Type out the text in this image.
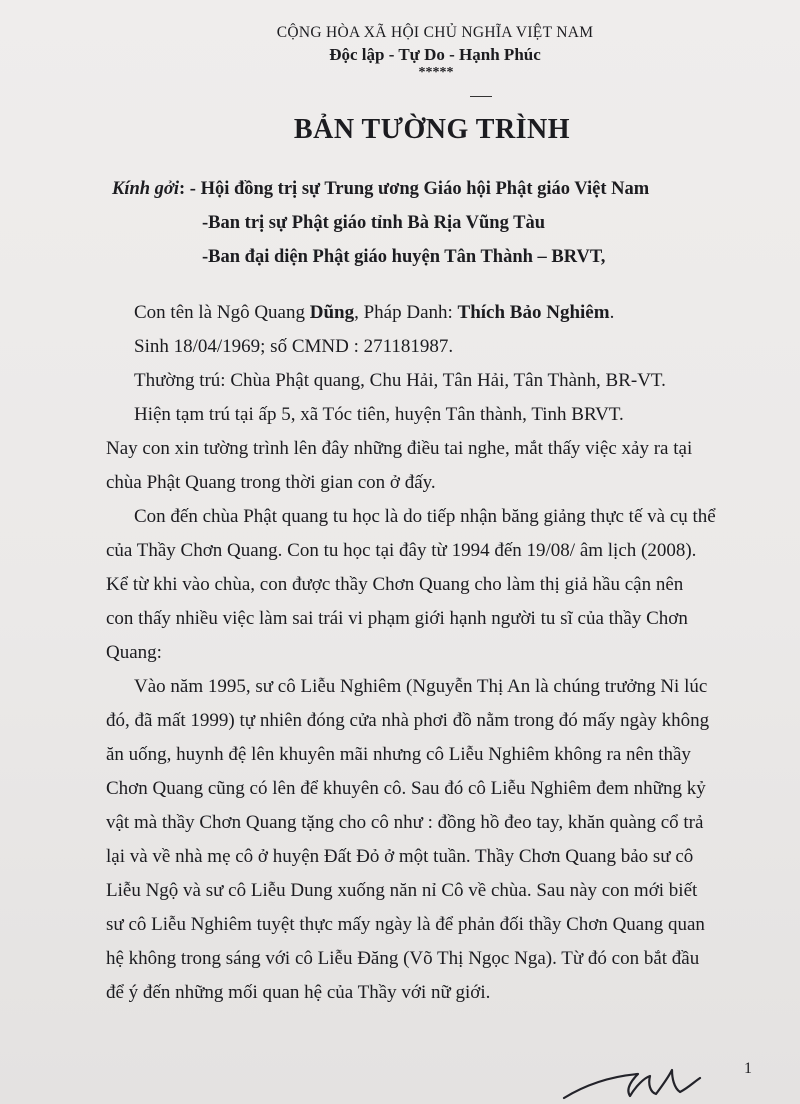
CỘNG HÒA XÃ HỘI CHỦ NGHĨA VIỆT NAM
Độc lập - Tự Do - Hạnh Phúc
*****
BẢN TƯỜNG TRÌNH
Kính gởi: - Hội đồng trị sự Trung ương Giáo hội Phật giáo Việt Nam
-Ban trị sự Phật giáo tỉnh Bà Rịa Vũng Tàu
-Ban đại diện Phật giáo huyện Tân Thành – BRVT,
Con tên là Ngô Quang Dũng, Pháp Danh: Thích Bảo Nghiêm.
Sinh 18/04/1969; số CMND : 271181987.
Thường trú: Chùa Phật quang, Chu Hải, Tân Hải, Tân Thành, BR-VT.
Hiện tạm trú tại ấp 5, xã Tóc tiên, huyện Tân thành, Tinh BRVT.
Nay con xin tường trình lên đây những điều tai nghe, mắt thấy việc xảy ra tại
chùa Phật Quang trong thời gian con ở đấy.
Con đến chùa Phật quang tu học là do tiếp nhận băng giảng thực tế và cụ thể
của Thầy Chơn Quang. Con tu học tại đây từ 1994 đến 19/08/ âm lịch (2008).
Kể từ khi vào chùa, con được thầy Chơn Quang cho làm thị giả hầu cận nên
con thấy nhiều việc làm sai trái vi phạm giới hạnh người tu sĩ của thầy Chơn
Quang:
Vào năm 1995, sư cô Liễu Nghiêm (Nguyễn Thị An là chúng trưởng Ni lúc
đó, đã mất 1999) tự nhiên đóng cửa nhà phơi đồ nằm trong đó mấy ngày không
ăn uống, huynh đệ lên khuyên mãi nhưng cô Liễu Nghiêm không ra nên thầy
Chơn Quang cũng có lên để khuyên cô. Sau đó cô Liễu Nghiêm đem những kỷ
vật mà thầy Chơn Quang tặng cho cô như : đồng hồ đeo tay, khăn quàng cổ trả
lại và về nhà mẹ cô ở huyện Đất Đỏ ở một tuần. Thầy Chơn Quang bảo sư cô
Liễu Ngộ và sư cô Liễu Dung xuống năn nỉ Cô về chùa. Sau này con mới biết
sư cô Liễu Nghiêm tuyệt thực mấy ngày là để phản đối thầy Chơn Quang quan
hệ không trong sáng với cô Liễu Đăng (Võ Thị Ngọc Nga). Từ đó con bắt đầu
để ý đến những mối quan hệ của Thầy với nữ giới.
1
